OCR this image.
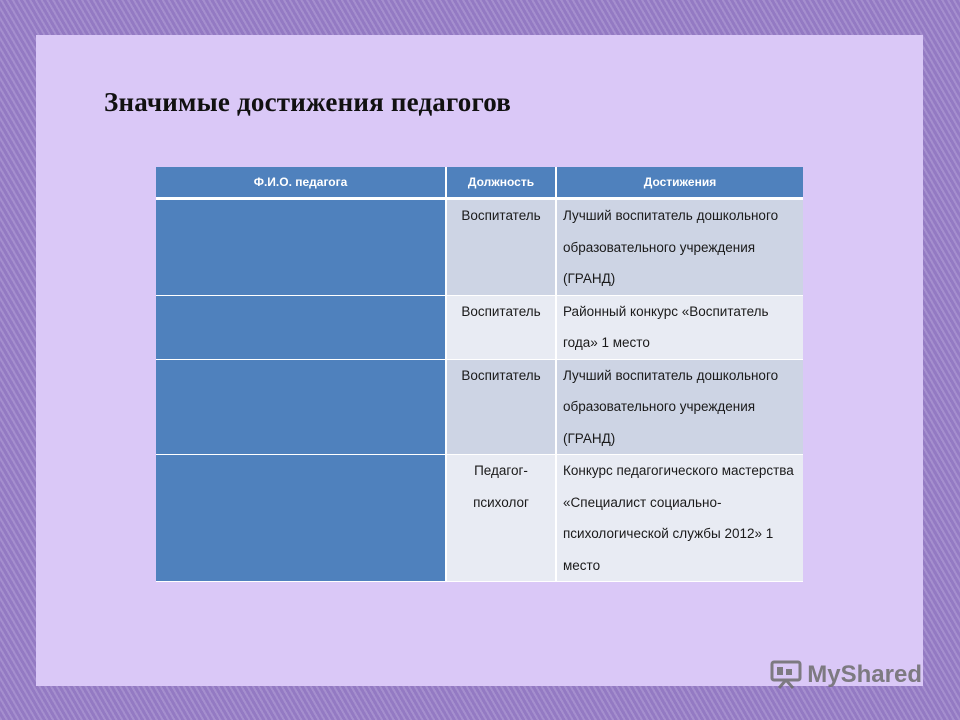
Значимые достижения педагогов
Ф.И.О. педагога	Должность	Достижения
	Воспитатель	Лучший воспитатель дошкольного образовательного учреждения (ГРАНД)
	Воспитатель	Районный конкурс «Воспитатель года» 1 место
	Воспитатель	Лучший воспитатель дошкольного образовательного учреждения (ГРАНД)
	Педагог-психолог	Конкурс педагогического мастерства «Специалист социально-психологической службы 2012» 1 место
MyShared
